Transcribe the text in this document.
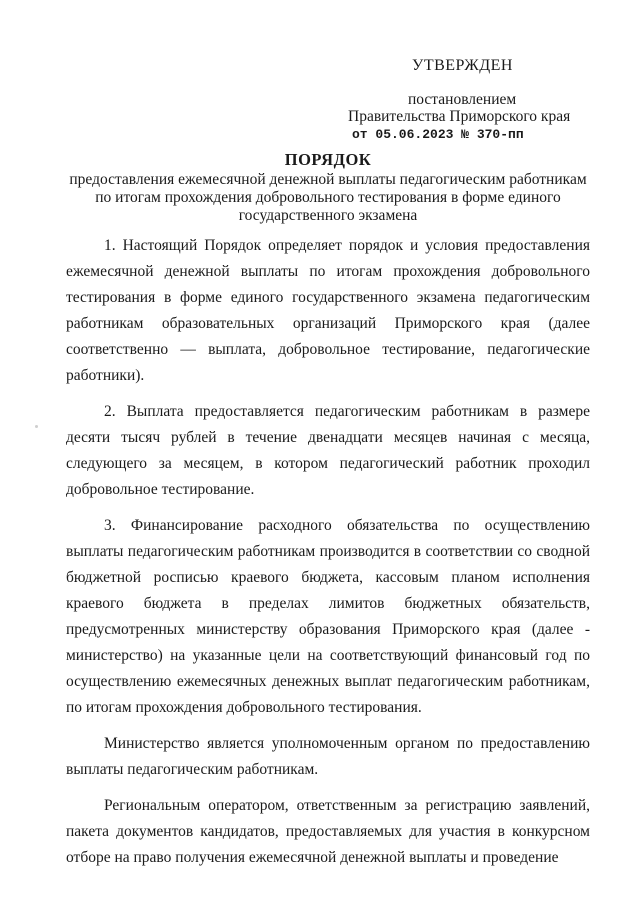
УТВЕРЖДЕН
постановлением
Правительства Приморского края
от 05.06.2023 № 370-пп
ПОРЯДОК
предоставления ежемесячной денежной выплаты педагогическим работникам по итогам прохождения добровольного тестирования в форме единого государственного экзамена

1. Настоящий Порядок определяет порядок и условия предоставления ежемесячной денежной выплаты по итогам прохождения добровольного тестирования в форме единого государственного экзамена педагогическим работникам образовательных организаций Приморского края (далее соответственно — выплата, добровольное тестирование, педагогические работники).

2. Выплата предоставляется педагогическим работникам в размере десяти тысяч рублей в течение двенадцати месяцев начиная с месяца, следующего за месяцем, в котором педагогический работник проходил добровольное тестирование.

3. Финансирование расходного обязательства по осуществлению выплаты педагогическим работникам производится в соответствии со сводной бюджетной росписью краевого бюджета, кассовым планом исполнения краевого бюджета в пределах лимитов бюджетных обязательств, предусмотренных министерству образования Приморского края (далее - министерство) на указанные цели на соответствующий финансовый год по осуществлению ежемесячных денежных выплат педагогическим работникам, по итогам прохождения добровольного тестирования.

Министерство является уполномоченным органом по предоставлению выплаты педагогическим работникам.

Региональным оператором, ответственным за регистрацию заявлений, пакета документов кандидатов, предоставляемых для участия в конкурсном отборе на право получения ежемесячной денежной выплаты и проведение
